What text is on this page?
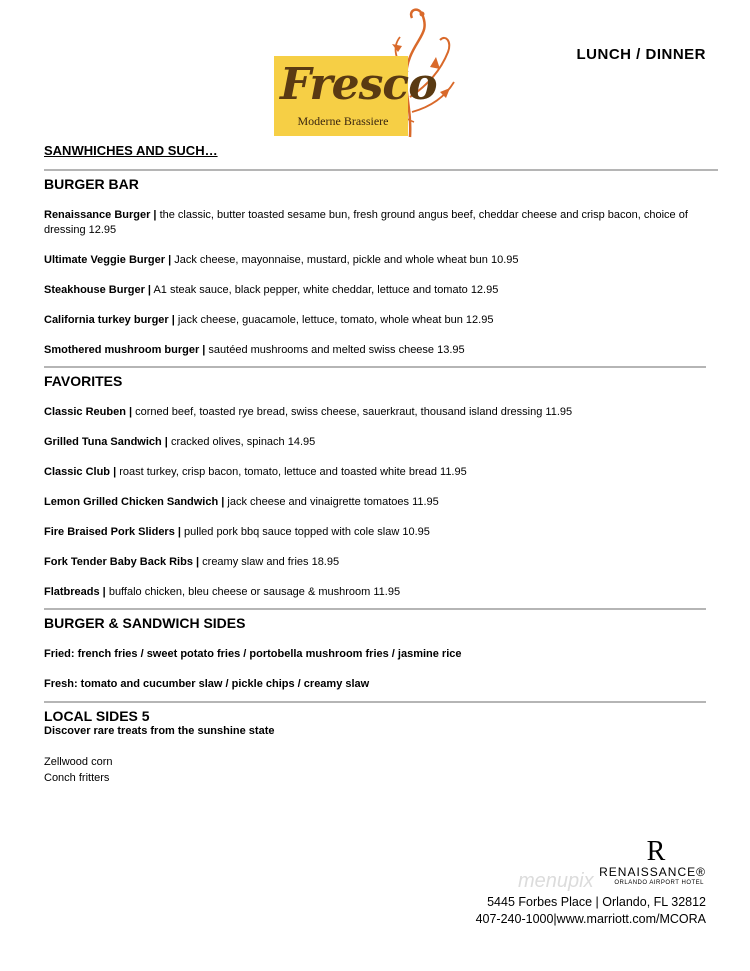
Fresco

Moderne Brassiere

LUNCH / DINNER

SANWHICHES AND SUCH…

BURGER BAR

Renaissance Burger | the classic, butter toasted sesame bun, fresh ground angus beef, cheddar cheese and crisp bacon, choice of dressing 12.95

Ultimate Veggie Burger | Jack cheese, mayonnaise, mustard, pickle and whole wheat bun 10.95

Steakhouse Burger | A1 steak sauce, black pepper, white cheddar, lettuce and tomato 12.95

California turkey burger | jack cheese, guacamole, lettuce, tomato, whole wheat bun 12.95

Smothered mushroom burger | sautéed mushrooms and melted swiss cheese 13.95

FAVORITES

Classic Reuben | corned beef, toasted rye bread, swiss cheese, sauerkraut, thousand island dressing 11.95

Grilled Tuna Sandwich | cracked olives, spinach 14.95

Classic Club | roast turkey, crisp bacon, tomato, lettuce and toasted white bread 11.95

Lemon Grilled Chicken Sandwich | jack cheese and vinaigrette tomatoes 11.95

Fire Braised Pork Sliders | pulled pork bbq sauce topped with cole slaw 10.95

Fork Tender Baby Back Ribs | creamy slaw and fries 18.95

Flatbreads | buffalo chicken, bleu cheese or sausage & mushroom 11.95

BURGER & SANDWICH SIDES

Fried: french fries / sweet potato fries / portobella mushroom fries / jasmine rice

Fresh: tomato and cucumber slaw / pickle chips / creamy slaw

LOCAL SIDES 5

Discover rare treats from the sunshine state

Zellwood corn

Conch fritters

menupix

R

RENAISSANCE®

ORLANDO AIRPORT HOTEL

5445 Forbes Place | Orlando, FL 32812

407-240-1000|www.marriott.com/MCORA
